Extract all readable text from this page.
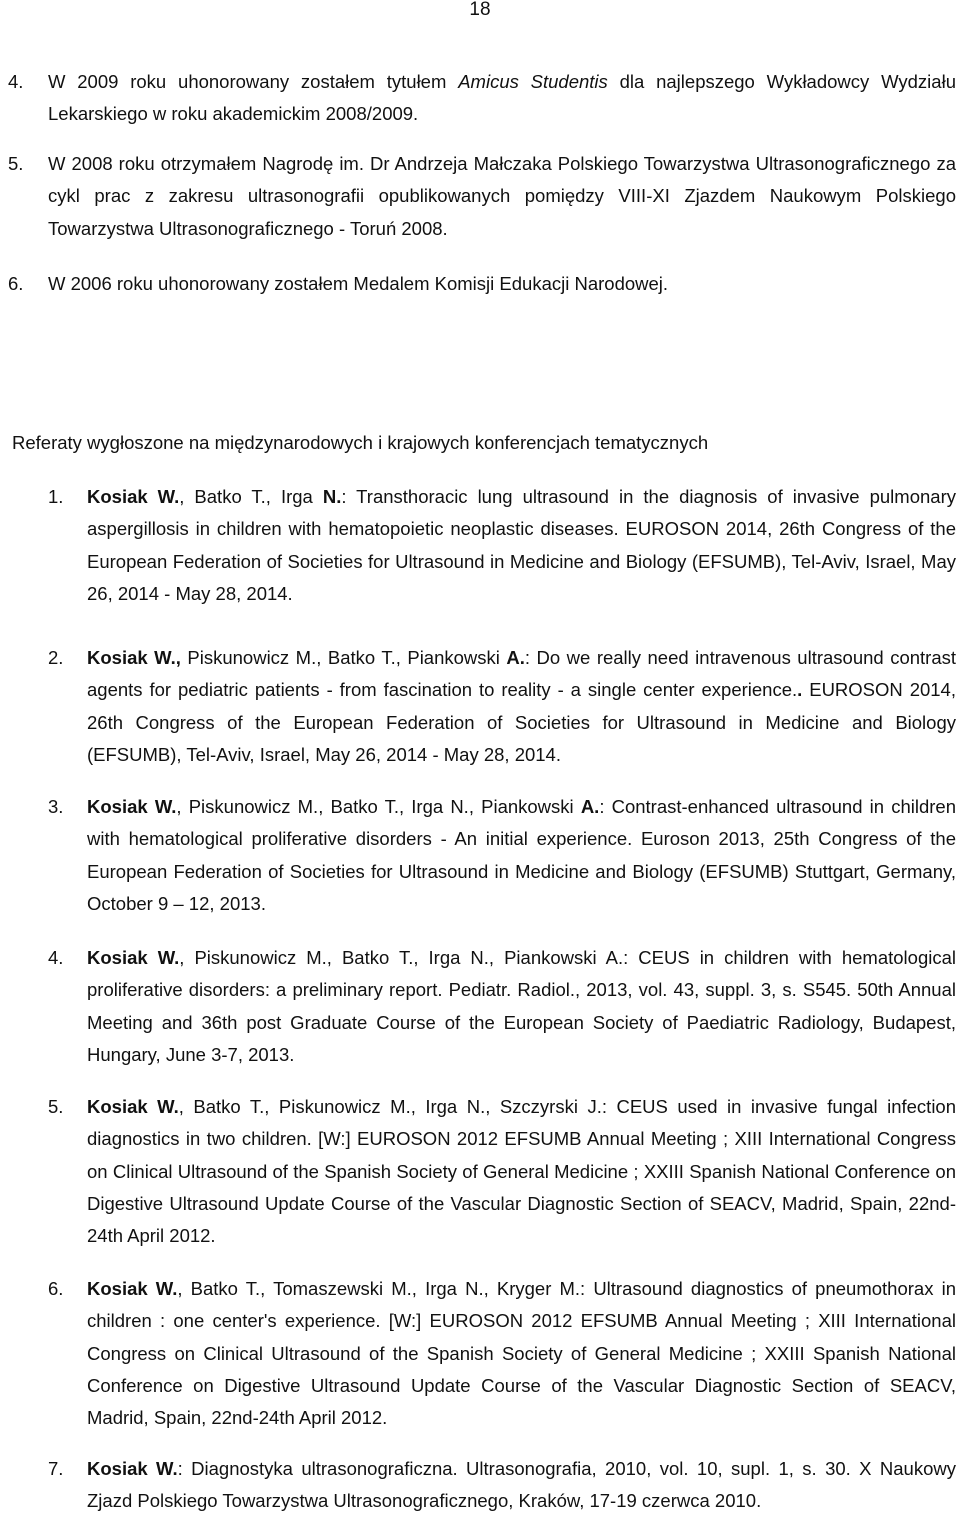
18
4. W 2009 roku uhonorowany zostałem tytułem Amicus Studentis dla najlepszego Wykładowcy Wydziału Lekarskiego w roku akademickim 2008/2009.

5. W 2008 roku otrzymałem Nagrodę im. Dr Andrzeja Małczaka Polskiego Towarzystwa Ultrasonograficznego za cykl prac z zakresu ultrasonografii opublikowanych pomiędzy VIII-XI Zjazdem Naukowym Polskiego Towarzystwa Ultrasonograficznego - Toruń 2008.

6. W 2006 roku uhonorowany zostałem Medalem Komisji Edukacji Narodowej.

Referaty wygłoszone na międzynarodowych i krajowych konferencjach tematycznych
1. Kosiak W., Batko T., Irga N.: Transthoracic lung ultrasound in the diagnosis of invasive pulmonary aspergillosis in children with hematopoietic neoplastic diseases. EUROSON 2014, 26th Congress of the European Federation of Societies for Ultrasound in Medicine and Biology (EFSUMB), Tel-Aviv, Israel, May 26, 2014 - May 28, 2014.

2. Kosiak W., Piskunowicz M., Batko T., Piankowski A.: Do we really need intravenous ultrasound contrast agents for pediatric patients - from fascination to reality - a single center experience.. EUROSON 2014, 26th Congress of the European Federation of Societies for Ultrasound in Medicine and Biology (EFSUMB), Tel-Aviv, Israel, May 26, 2014 - May 28, 2014.

3. Kosiak W., Piskunowicz M., Batko T., Irga N., Piankowski A.: Contrast-enhanced ultrasound in children with hematological proliferative disorders - An initial experience. Euroson 2013, 25th Congress of the European Federation of Societies for Ultrasound in Medicine and Biology (EFSUMB) Stuttgart, Germany, October 9 – 12, 2013.

4. Kosiak W., Piskunowicz M., Batko T., Irga N., Piankowski A.: CEUS in children with hematological proliferative disorders: a preliminary report. Pediatr. Radiol., 2013, vol. 43, suppl. 3, s. S545. 50th Annual Meeting and 36th post Graduate Course of the European Society of Paediatric Radiology, Budapest, Hungary, June 3-7, 2013.

5. Kosiak W., Batko T., Piskunowicz M., Irga N., Szczyrski J.: CEUS used in invasive fungal infection diagnostics in two children. [W:] EUROSON 2012 EFSUMB Annual Meeting ; XIII International Congress on Clinical Ultrasound of the Spanish Society of General Medicine ; XXIII Spanish National Conference on Digestive Ultrasound Update Course of the Vascular Diagnostic Section of SEACV, Madrid, Spain, 22nd-24th April 2012.

6. Kosiak W., Batko T., Tomaszewski M., Irga N., Kryger M.: Ultrasound diagnostics of pneumothorax in children : one center's experience. [W:] EUROSON 2012 EFSUMB Annual Meeting ; XIII International Congress on Clinical Ultrasound of the Spanish Society of General Medicine ; XXIII Spanish National Conference on Digestive Ultrasound Update Course of the Vascular Diagnostic Section of SEACV, Madrid, Spain, 22nd-24th April 2012.

7. Kosiak W.: Diagnostyka ultrasonograficzna. Ultrasonografia, 2010, vol. 10, supl. 1, s. 30. X Naukowy Zjazd Polskiego Towarzystwa Ultrasonograficznego, Kraków, 17-19 czerwca 2010.
